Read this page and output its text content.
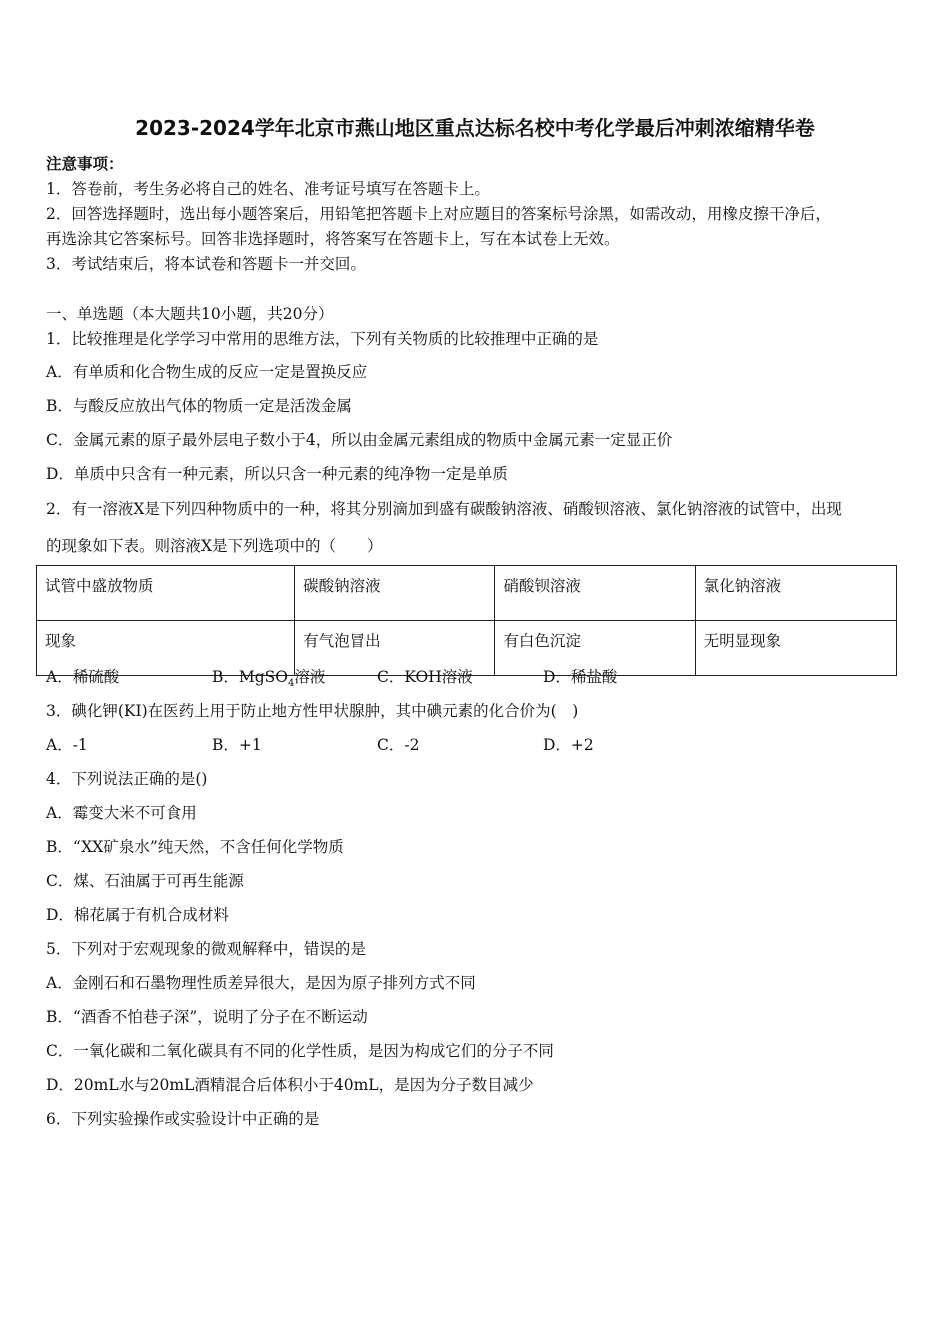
2023-2024学年北京市燕山地区重点达标名校中考化学最后冲刺浓缩精华卷
注意事项：
1．答卷前，考生务必将自己的姓名、准考证号填写在答题卡上。
2．回答选择题时，选出每小题答案后，用铅笔把答题卡上对应题目的答案标号涂黑，如需改动，用橡皮擦干净后，
再选涂其它答案标号。回答非选择题时，将答案写在答题卡上，写在本试卷上无效。
3．考试结束后，将本试卷和答题卡一并交回。
一、单选题（本大题共10小题，共20分）
1．比较推理是化学学习中常用的思维方法，下列有关物质的比较推理中正确的是
A．有单质和化合物生成的反应一定是置换反应
B．与酸反应放出气体的物质一定是活泼金属
C．金属元素的原子最外层电子数小于4，所以由金属元素组成的物质中金属元素一定显正价
D．单质中只含有一种元素，所以只含一种元素的纯净物一定是单质
2．有一溶液X是下列四种物质中的一种，将其分别滴加到盛有碳酸钠溶液、硝酸钡溶液、氯化钠溶液的试管中，出现
的现象如下表。则溶液X是下列选项中的（　　）
试管中盛放物质	碳酸钠溶液	硝酸钡溶液	氯化钠溶液
现象	有气泡冒出	有白色沉淀	无明显现象
A．稀硫酸	B．MgSO$_4$溶液	C．KOH溶液	D．稀盐酸
3．碘化钾(KI)在医药上用于防止地方性甲状腺肿，其中碘元素的化合价为(　)
A．-1	B．+1	C．-2	D．+2
4．下列说法正确的是()
A．霉变大米不可食用
B．“XX矿泉水”纯天然，不含任何化学物质
C．煤、石油属于可再生能源
D．棉花属于有机合成材料
5．下列对于宏观现象的微观解释中，错误的是
A．金刚石和石墨物理性质差异很大，是因为原子排列方式不同
B．“酒香不怕巷子深”，说明了分子在不断运动
C．一氧化碳和二氧化碳具有不同的化学性质，是因为构成它们的分子不同
D．20mL水与20mL酒精混合后体积小于40mL，是因为分子数目减少
6．下列实验操作或实验设计中正确的是
